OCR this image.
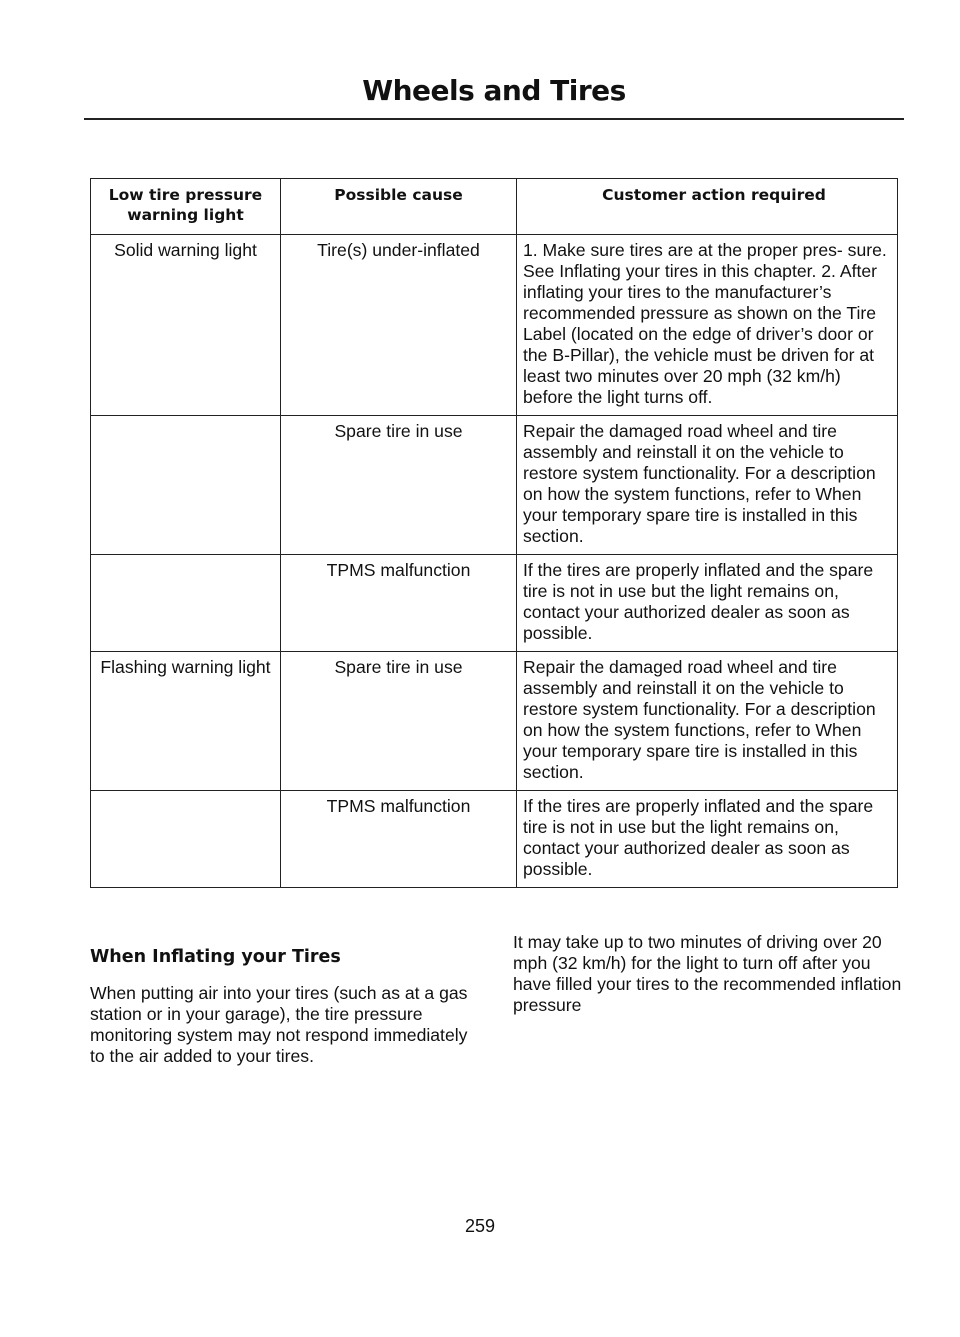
Wheels and Tires
Low tire pressure warning light	Possible cause	Customer action required
Solid warning light	Tire(s) under-inflated	1. Make sure tires are at the proper pres- sure. See Inflating your tires in this chapter. 2. After inflating your tires to the manufacturer’s recommended pressure as shown on the Tire Label (located on the edge of driver’s door or the B-Pillar), the vehicle must be driven for at least two minutes over 20 mph (32 km/h) before the light turns off.
	Spare tire in use	Repair the damaged road wheel and tire assembly and reinstall it on the vehicle to restore system functionality. For a description on how the system functions, refer to When your temporary spare tire is installed in this section.
	TPMS malfunction	If the tires are properly inflated and the spare tire is not in use but the light remains on, contact your authorized dealer as soon as possible.
Flashing warning light	Spare tire in use	Repair the damaged road wheel and tire assembly and reinstall it on the vehicle to restore system functionality. For a description on how the system functions, refer to When your temporary spare tire is installed in this section.
	TPMS malfunction	If the tires are properly inflated and the spare tire is not in use but the light remains on, contact your authorized dealer as soon as possible.
When Inflating your Tires

When putting air into your tires (such as at a gas station or in your garage), the tire pressure monitoring system may not respond immediately to the air added to your tires.

It may take up to two minutes of driving over 20 mph (32 km/h) for the light to turn off after you have filled your tires to the recommended inflation pressure

259
